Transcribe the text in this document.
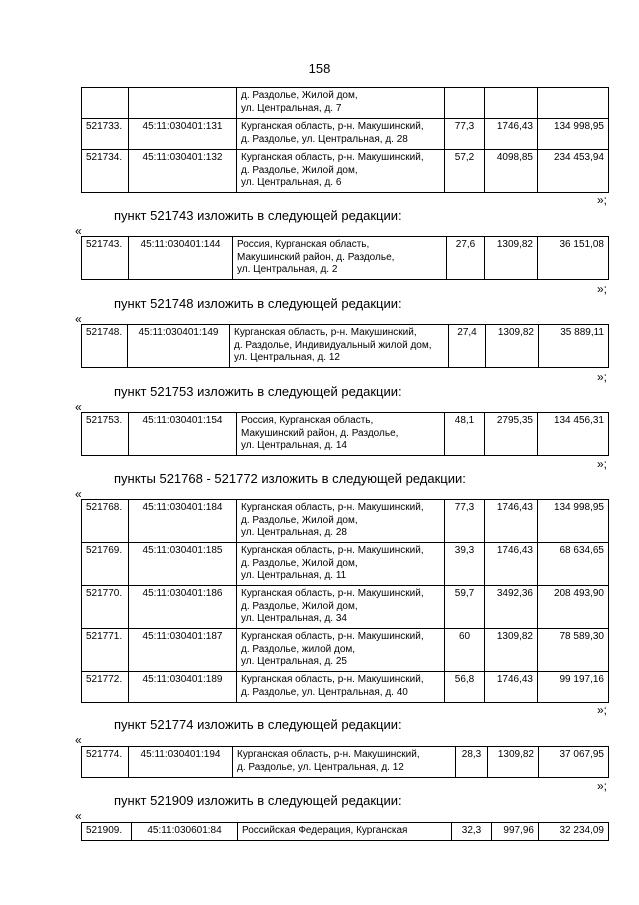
158

		д. Раздолье, Жилой дом,
ул. Центральная, д. 7			

521733.	45:11:030401:131	Курганская область, р-н. Макушинский,
д. Раздолье, ул. Центральная, д. 28	77,3	1746,43	134 998,95
521734.	45:11:030401:132	Курганская область, р-н. Макушинский,
д. Раздолье, Жилой дом,
ул. Центральная, д. 6	57,2	4098,85	234 453,94
»;
пункт 521743 изложить в следующей редакции:
«
521743.	45:11:030401:144	Россия, Курганская область,
Макушинский район, д. Раздолье,
ул. Центральная, д. 2
	27,6	1309,82	36 151,08
»;
пункт 521748 изложить в следующей редакции:
«
521748.	45:11:030401:149	Курганская область, р-н. Макушинский,
д. Раздолье, Индивидуальный жилой дом,
ул. Центральная, д. 12
	27,4	1309,82	35 889,11
»;
пункт 521753 изложить в следующей редакции:
«
521753.	45:11:030401:154	Россия, Курганская область,
Макушинский район, д. Раздолье,
ул. Центральная, д. 14
	48,1	2795,35	134 456,31
»;
пункты 521768 - 521772 изложить в следующей редакции:
«
521768.	45:11:030401:184	Курганская область, р-н. Макушинский,
д. Раздолье, Жилой дом,
ул. Центральная, д. 28	77,3	1746,43	134 998,95
521769.	45:11:030401:185	Курганская область, р-н. Макушинский,
д. Раздолье, Жилой дом,
ул. Центральная, д. 11	39,3	1746,43	68 634,65
521770.	45:11:030401:186	Курганская область, р-н. Макушинский,
д. Раздолье, Жилой дом,
ул. Центральная, д. 34	59,7	3492,36	208 493,90
521771.	45:11:030401:187	Курганская область, р-н. Макушинский,
д. Раздолье, жилой дом,
ул. Центральная, д. 25	60	1309,82	78 589,30
521772.	45:11:030401:189	Курганская область, р-н. Макушинский,
д. Раздолье, ул. Центральная, д. 40	56,8	1746,43	99 197,16
»;
пункт 521774 изложить в следующей редакции:
«
521774.	45:11:030401:194	Курганская область, р-н. Макушинский,
д. Раздолье, ул. Центральная, д. 12
	28,3	1309,82	37 067,95
»;
пункт 521909 изложить в следующей редакции:
«
521909.	45:11:030601:84	Российская Федерация, Курганская	32,3	997,96	32 234,09
